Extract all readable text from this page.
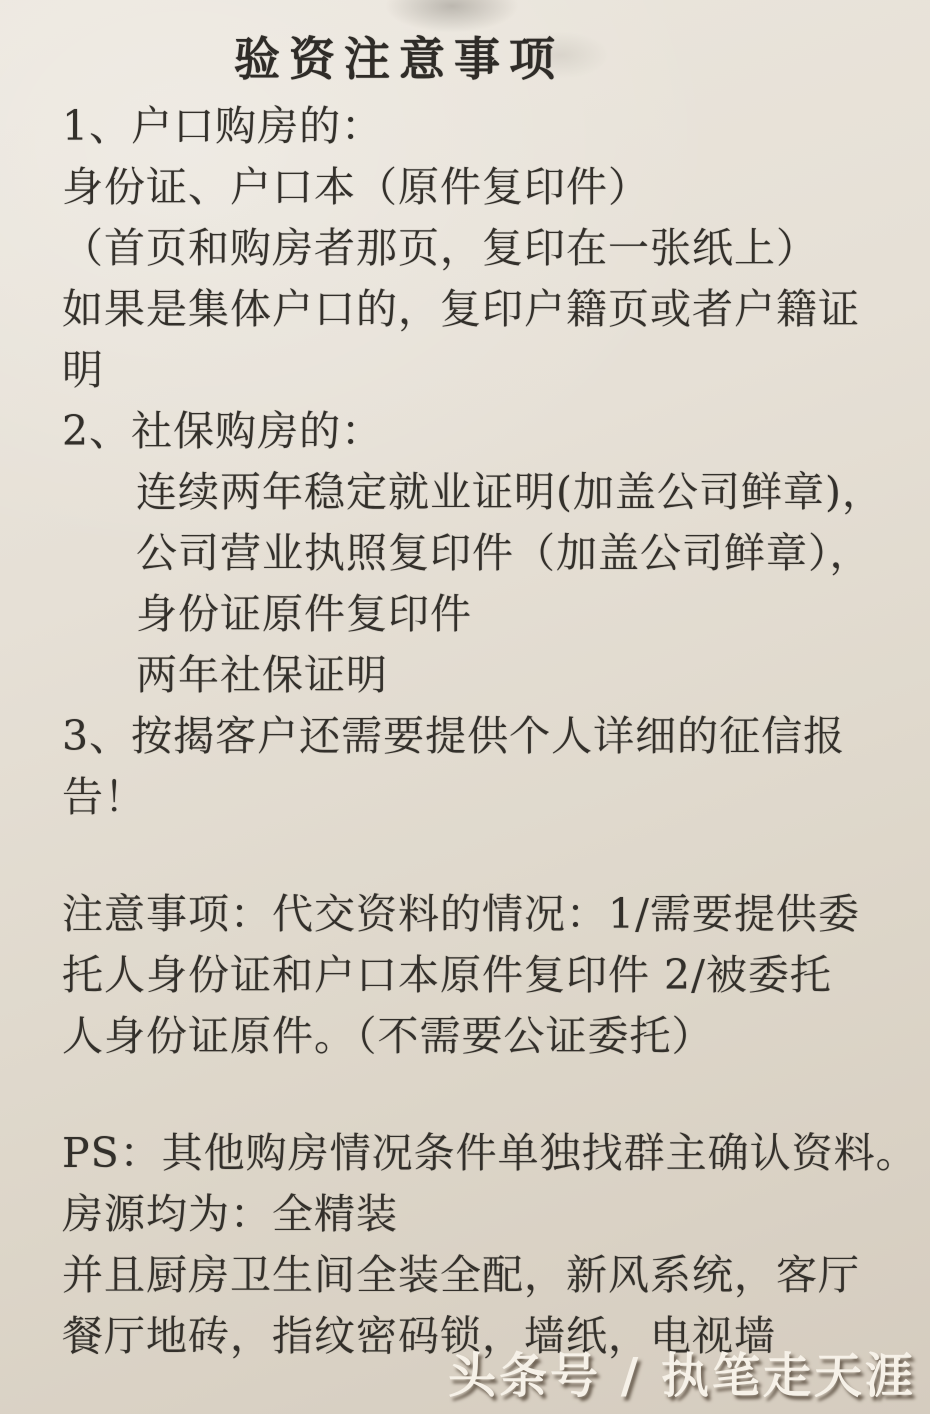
验资注意事项
1、户口购房的：
身份证、户口本（原件复印件）
（首页和购房者那页，复印在一张纸上）
如果是集体户口的，复印户籍页或者户籍证
明
2、社保购房的：
连续两年稳定就业证明(加盖公司鲜章)，
公司营业执照复印件（加盖公司鲜章），
身份证原件复印件
两年社保证明
3、按揭客户还需要提供个人详细的征信报
告！
注意事项：代交资料的情况：1/需要提供委
托人身份证和户口本原件复印件 2/被委托
人身份证原件。（不需要公证委托）
PS：其他购房情况条件单独找群主确认资料。
房源均为：全精装
并且厨房卫生间全装全配，新风系统，客厅
餐厅地砖，指纹密码锁，墙纸，电视墙
头条号 / 执笔走天涯
